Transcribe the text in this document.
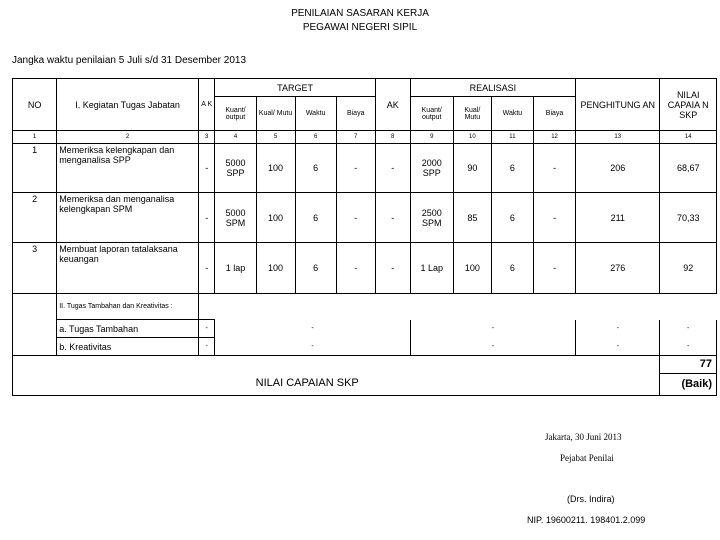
PENILAIAN SASARAN KERJA
PEGAWAI NEGERI SIPIL
Jangka waktu penilaian 5 Juli s/d 31 Desember 2013
NO	I. Kegiatan Tugas Jabatan	A K	TARGET				AK	REALISASI				PENGHITUNG AN	NILAI CAPAIA N SKP
			Kuant/ output	Kual/ Mutu	Waktu	Biaya		Kuant/ output	Kual/ Mutu	Waktu	Biaya		
1	2	3	4	5	6	7	8	9	10	11	12	13	14
1	Memeriksa kelengkapan dan menganalisa SPP	-	5000 SPP	100	6	-	-	2000 SPP	90	6	-	206	68,67
2	Memeriksa dan menganalisa kelengkapan SPM	-	5000 SPM	100	6	-	-	2500 SPM	85	6	-	211	70,33
3	Membuat laporan tatalaksana keuangan	-	1 lap	100	6	-	-	1 Lap	100	6	-	276	92
	II. Tugas Tambahan dan Kreativitas :												
	a. Tugas Tambahan	-	-					-				-	-
	b. Kreativitas	-	-					-				-	-
NILAI CAPAIAN SKP													77
(Baik)
Jakarta, 30 Juni 2013
Pejabat Penilai
(Drs. Indira)
NIP. 19600211. 198401.2.099
